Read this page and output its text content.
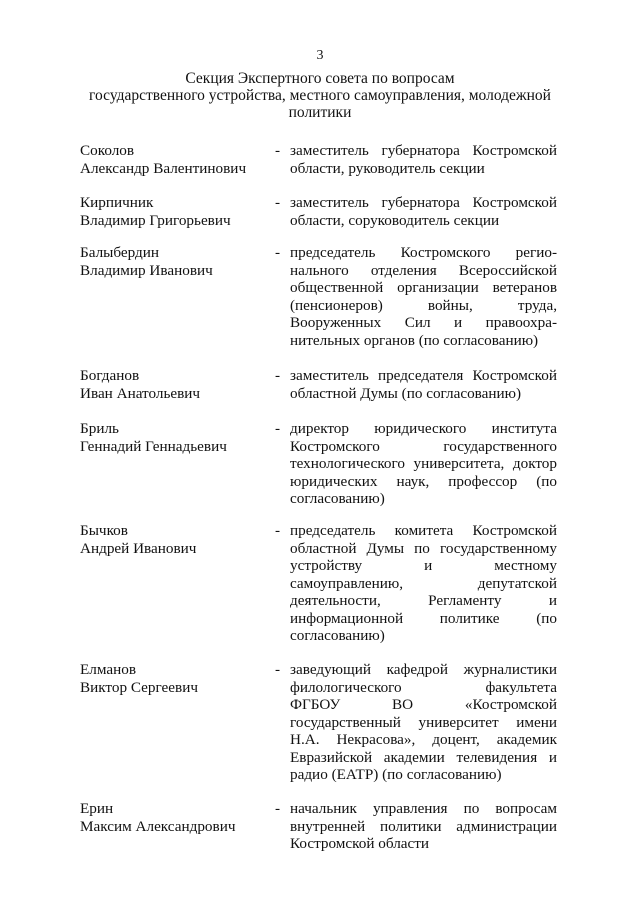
3
Секция Экспертного совета по вопросам
государственного устройства, местного самоуправления, молодежной
политики
Соколов
Александр Валентинович
- заместитель губернатора Костромской
области, руководитель секции
Кирпичник
Владимир Григорьевич
- заместитель губернатора Костромской
области, соруководитель секции
Балыбердин
Владимир Иванович
- председатель Костромского регио-
нального отделения Всероссийской
общественной организации ветеранов
(пенсионеров) войны, труда,
Вооруженных Сил и правоохра-
нительных органов (по согласованию)
Богданов
Иван Анатольевич
- заместитель председателя Костромской
областной Думы (по согласованию)
Бриль
Геннадий Геннадьевич
- директор юридического института
Костромского государственного
технологического университета, доктор
юридических наук, профессор (по
согласованию)
Бычков
Андрей Иванович
- председатель комитета Костромской
областной Думы по государственному
устройству и местному
самоуправлению, депутатской
деятельности, Регламенту и
информационной политике (по
согласованию)
Елманов
Виктор Сергеевич
- заведующий кафедрой журналистики
филологического факультета
ФГБОУ ВО «Костромской
государственный университет имени
Н.А. Некрасова», доцент, академик
Евразийской академии телевидения и
радио (ЕАТР) (по согласованию)
Ерин
Максим Александрович
- начальник управления по вопросам
внутренней политики администрации
Костромской области
